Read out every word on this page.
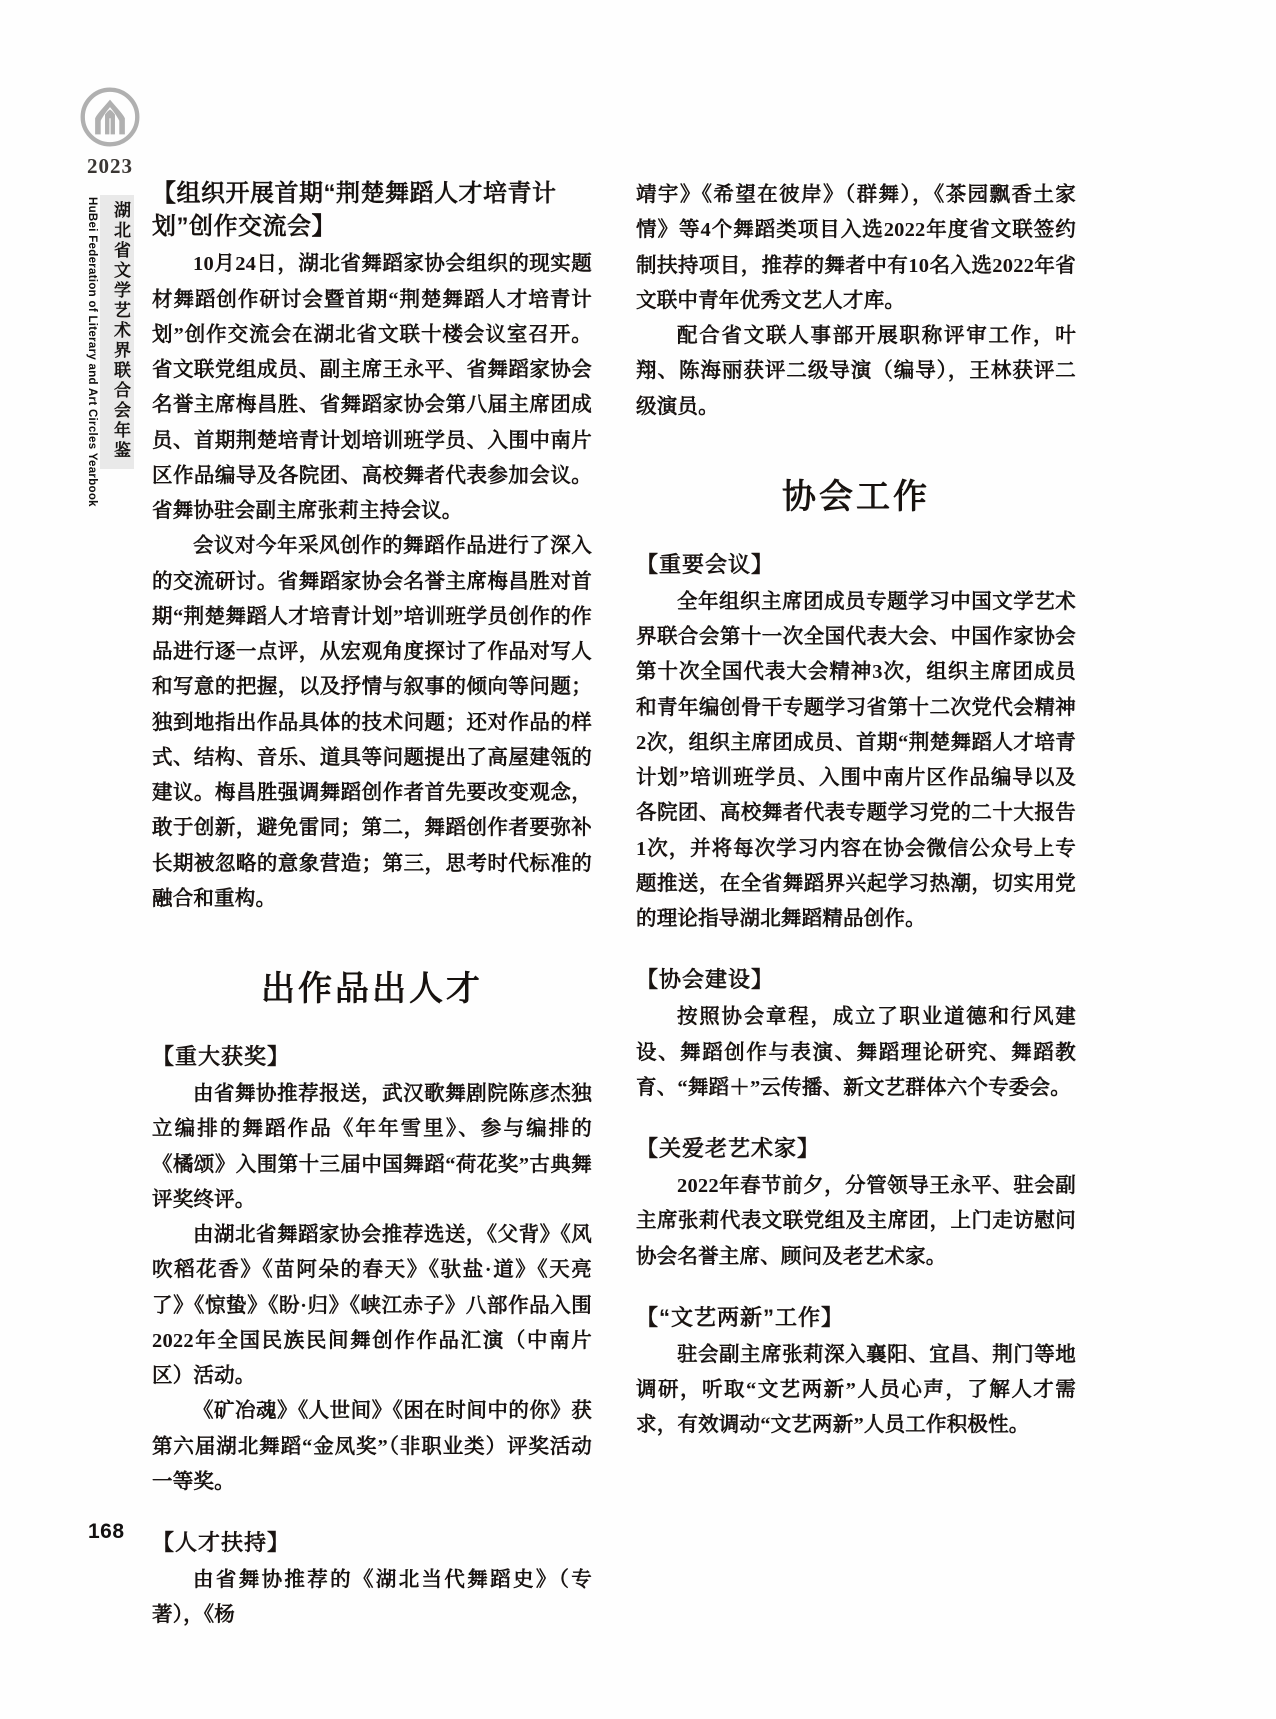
2023
HuBei Federation of Literary and Art Circles Yearbook 湖北省文学艺术界联合会年鉴
168
【组织开展首期“荆楚舞蹈人才培青计划”创作交流会】

10月24日，湖北省舞蹈家协会组织的现实题材舞蹈创作研讨会暨首期“荆楚舞蹈人才培青计划”创作交流会在湖北省文联十楼会议室召开。省文联党组成员、副主席王永平、省舞蹈家协会名誉主席梅昌胜、省舞蹈家协会第八届主席团成员、首期荆楚培青计划培训班学员、入围中南片区作品编导及各院团、高校舞者代表参加会议。省舞协驻会副主席张莉主持会议。

会议对今年采风创作的舞蹈作品进行了深入的交流研讨。省舞蹈家协会名誉主席梅昌胜对首期“荆楚舞蹈人才培青计划”培训班学员创作的作品进行逐一点评，从宏观角度探讨了作品对写人和写意的把握，以及抒情与叙事的倾向等问题；独到地指出作品具体的技术问题；还对作品的样式、结构、音乐、道具等问题提出了高屋建瓴的建议。梅昌胜强调舞蹈创作者首先要改变观念，敢于创新，避免雷同；第二，舞蹈创作者要弥补长期被忽略的意象营造；第三，思考时代标准的融合和重构。

出作品出人才
【重大获奖】

由省舞协推荐报送，武汉歌舞剧院陈彦杰独立编排的舞蹈作品《年年雪里》、参与编排的《橘颂》入围第十三届中国舞蹈“荷花奖”古典舞评奖终评。

由湖北省舞蹈家协会推荐选送，《父背》《风吹稻花香》《苗阿朵的春天》《驮盐·道》《天亮了》《惊蛰》《盼·归》《峡江赤子》八部作品入围2022年全国民族民间舞创作作品汇演（中南片区）活动。

《矿冶魂》《人世间》《困在时间中的你》获第六届湖北舞蹈“金凤奖”（非职业类）评奖活动一等奖。

【人才扶持】

由省舞协推荐的《湖北当代舞蹈史》（专著），《杨

靖宇》《希望在彼岸》（群舞），《茶园飘香土家情》等4个舞蹈类项目入选2022年度省文联签约制扶持项目，推荐的舞者中有10名入选2022年省文联中青年优秀文艺人才库。

配合省文联人事部开展职称评审工作，叶翔、陈海丽获评二级导演（编导），王林获评二级演员。

协会工作
【重要会议】

全年组织主席团成员专题学习中国文学艺术界联合会第十一次全国代表大会、中国作家协会第十次全国代表大会精神3次，组织主席团成员和青年编创骨干专题学习省第十二次党代会精神2次，组织主席团成员、首期“荆楚舞蹈人才培青计划”培训班学员、入围中南片区作品编导以及各院团、高校舞者代表专题学习党的二十大报告1次，并将每次学习内容在协会微信公众号上专题推送，在全省舞蹈界兴起学习热潮，切实用党的理论指导湖北舞蹈精品创作。

【协会建设】

按照协会章程，成立了职业道德和行风建设、舞蹈创作与表演、舞蹈理论研究、舞蹈教育、“舞蹈＋”云传播、新文艺群体六个专委会。

【关爱老艺术家】

2022年春节前夕，分管领导王永平、驻会副主席张莉代表文联党组及主席团，上门走访慰问协会名誉主席、顾问及老艺术家。

【“文艺两新”工作】

驻会副主席张莉深入襄阳、宜昌、荆门等地调研，听取“文艺两新”人员心声，了解人才需求，有效调动“文艺两新”人员工作积极性。
